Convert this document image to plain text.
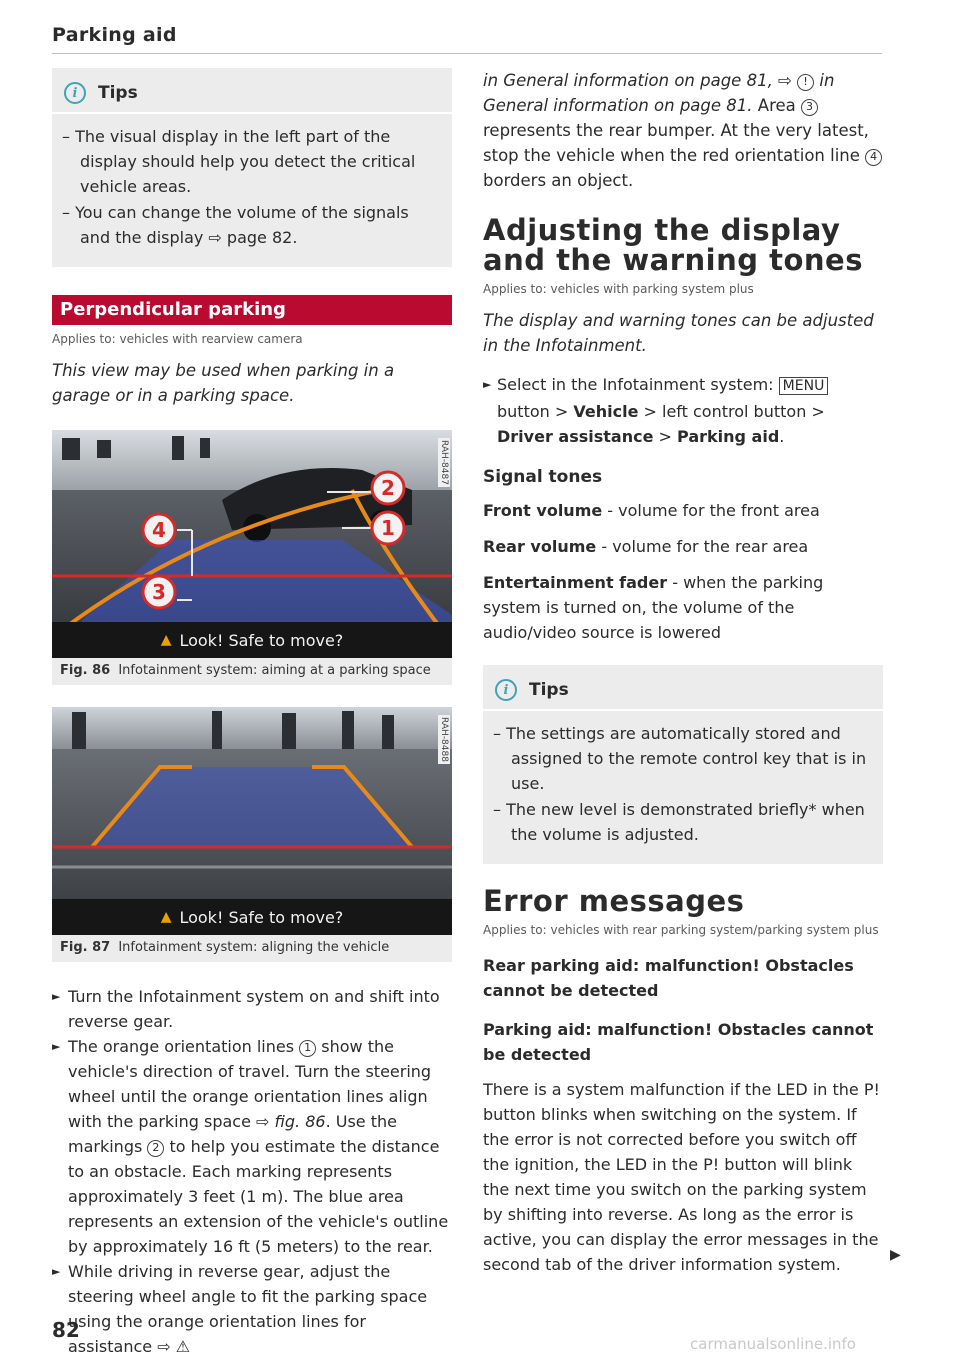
Parking aid
i	Tips
– The visual display in the left part of the display should help you detect the critical vehicle areas.
– You can change the volume of the signals and the display ⇨ page 82.
Perpendicular parking
Applies to: vehicles with rearview camera
This view may be used when parking in a garage or in a parking space.
4
3
2
1
RAH-8487
▲ Look! Safe to move?
Fig. 86 Infotainment system: aiming at a parking space
RAH-8488
▲ Look! Safe to move?
Fig. 87 Infotainment system: aligning the vehicle
► Turn the Infotainment system on and shift into reverse gear.
► The orange orientation lines 1 show the vehicle's direction of travel. Turn the steering wheel until the orange orientation lines align with the parking space ⇨ fig. 86. Use the markings 2 to help you estimate the distance to an obstacle. Each marking represents approximately 3 feet (1 m). The blue area represents an extension of the vehicle's outline by approximately 16 ft (5 meters) to the rear.
► While driving in reverse gear, adjust the steering wheel angle to fit the parking space using the orange orientation lines for assistance ⇨ ⚠
in General information on page 81, ⇨ ! in General information on page 81. Area 3 represents the rear bumper. At the very latest, stop the vehicle when the red orientation line 4 borders an object.
Adjusting the display and the warning tones
Applies to: vehicles with parking system plus
The display and warning tones can be adjusted in the Infotainment.
► Select in the Infotainment system: MENU button > Vehicle > left control button > Driver assistance > Parking aid.
Signal tones
Front volume - volume for the front area
Rear volume - volume for the rear area
Entertainment fader - when the parking system is turned on, the volume of the audio/video source is lowered
i	Tips
– The settings are automatically stored and assigned to the remote control key that is in use.
– The new level is demonstrated briefly* when the volume is adjusted.
Error messages
Applies to: vehicles with rear parking system/parking system plus
Rear parking aid: malfunction! Obstacles cannot be detected
Parking aid: malfunction! Obstacles cannot be detected
There is a system malfunction if the LED in the P! button blinks when switching on the system. If the error is not corrected before you switch off the ignition, the LED in the P! button will blink the next time you switch on the parking system by shifting into reverse. As long as the error is active, you can display the error messages in the second tab of the driver information system.
82
▶
carmanualsonline.info
